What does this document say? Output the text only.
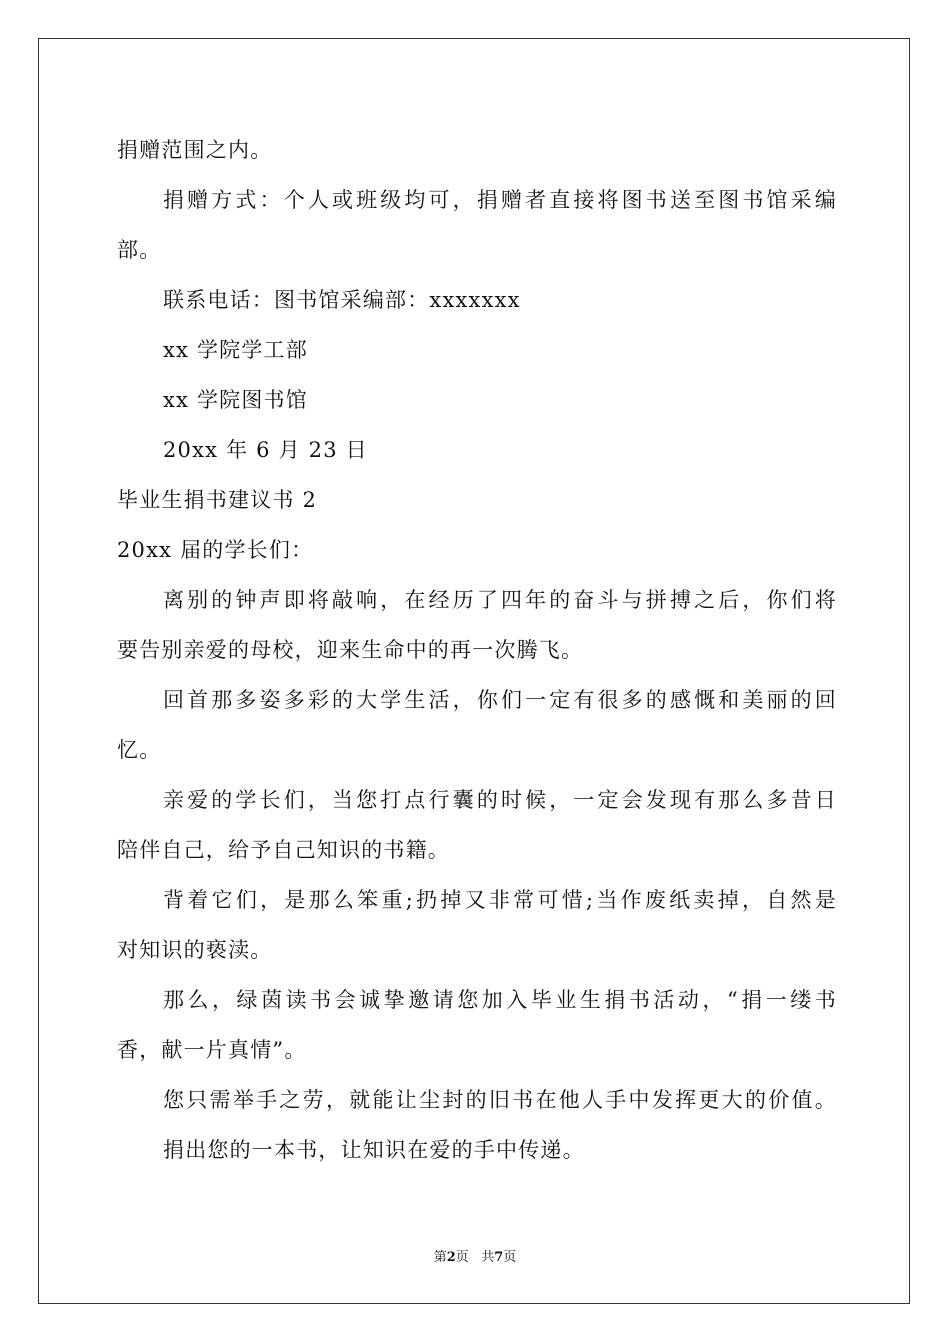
捐赠范围之内。
捐赠方式：个人或班级均可，捐赠者直接将图书送至图书馆采编
部。
联系电话：图书馆采编部：xxxxxxx
xx 学院学工部
xx 学院图书馆
20xx 年 6 月 23 日
毕业生捐书建议书 2
20xx 届的学长们：
离别的钟声即将敲响，在经历了四年的奋斗与拼搏之后，你们将
要告别亲爱的母校，迎来生命中的再一次腾飞。
回首那多姿多彩的大学生活，你们一定有很多的感慨和美丽的回
忆。
亲爱的学长们，当您打点行囊的时候，一定会发现有那么多昔日
陪伴自己，给予自己知识的书籍。
背着它们，是那么笨重;扔掉又非常可惜;当作废纸卖掉，自然是
对知识的亵渎。
那么，绿茵读书会诚挚邀请您加入毕业生捐书活动，“捐一缕书
香，献一片真情”。
您只需举手之劳，就能让尘封的旧书在他人手中发挥更大的价值。
捐出您的一本书，让知识在爱的手中传递。
第2页 共7页
